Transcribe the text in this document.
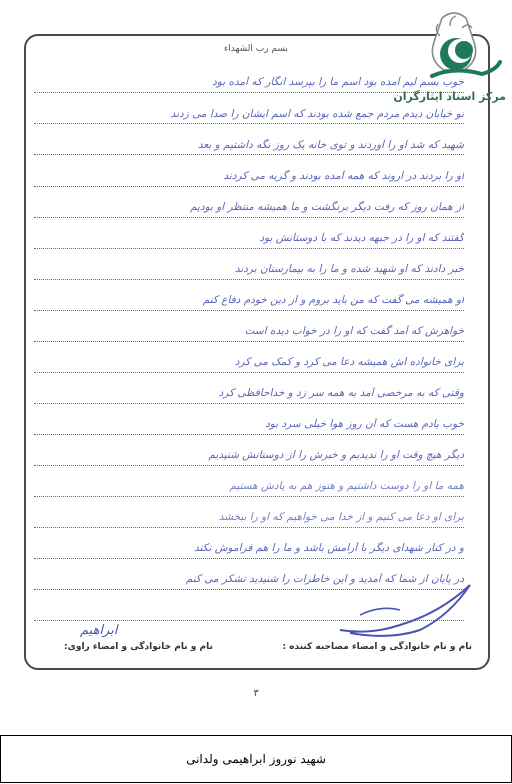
بسم رب الشهداء
مرکز اسناد ایثارگران
خوب بسم لیم آمده بود اسم ما را بپرسد انگار که آمده بود
تو خیابان دیدم مردم جمع شده بودند که اسم ایشان را صدا می زدند
شهید که شد او را آوردند و توی خانه یک روز نگه داشتیم و بعد
او را بردند در اروند که همه آمده بودند و گریه می کردند
از همان روز که رفت دیگر برنگشت و ما همیشه منتظر او بودیم
گفتند که او را در جبهه دیدند که با دوستانش بود
خبر دادند که او شهید شده و ما را به بیمارستان بردند
او همیشه می گفت که من باید بروم و از دین خودم دفاع کنم
خواهرش که آمد گفت که او را در خواب دیده است
برای خانواده اش همیشه دعا می کرد و کمک می کرد
وقتی که به مرخصی آمد به همه سر زد و خداحافظی کرد
خوب یادم هست که آن روز هوا خیلی سرد بود
دیگر هیچ وقت او را ندیدیم و خبرش را از دوستانش شنیدیم
همه ما او را دوست داشتیم و هنوز هم به یادش هستیم
برای او دعا می کنیم و از خدا می خواهیم که او را ببخشد
و در کنار شهدای دیگر با آرامش باشد و ما را هم فراموش نکند
در پایان از شما که آمدید و این خاطرات را شنیدید تشکر می کنم
ابراهیم
نام و نام خانوادگی و امضاء مصاحبه کننده :
نام و نام خانوادگی و امضاء راوی:
۳
شهید نوروز ابراهیمی ولدانی
